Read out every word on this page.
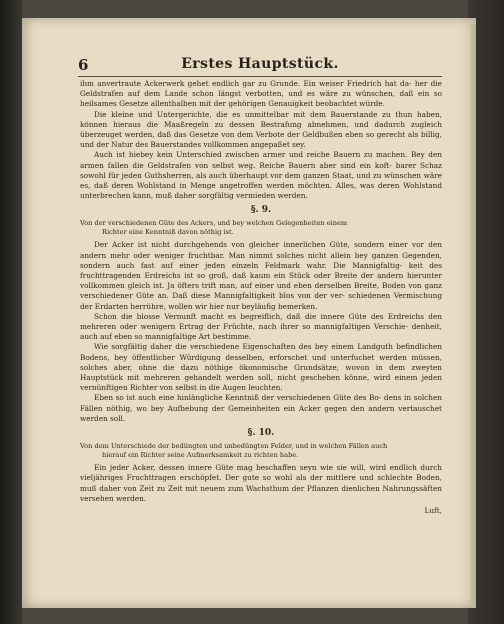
6	Erstes Hauptstück.

ihm anvertraute Ackerwerk gehet endlich gar zu Grunde. Ein weiser Friedrich hat da- her die Geldstrafen auf dem Lande schon längst verbotten, und es wäre zu wünschen, daß ein so heilsames Gesetze allenthalben mit der gehörigen Genauigkeit beobachtet würde.

Die kleine und Untergerichte, die es unmittelbar mit dem Bauerstande zu thun haben, können hieraus die Maaßregeln zu dessen Bestrafung abnehmen, und dadurch zugleich überzeuget werden, daß das Gesetze von dem Verbote der Geldbußen eben so gerecht als billig, und der Natur des Bauerstandes vollkommen angepaßet sey.

Auch ist hiebey kein Unterschied zwischen armer und reiche Bauern zu machen. Bey den armen fallen die Geldstrafen von selbst weg. Reiche Bauern aber sind ein koft- barer Schaz sowohl für jeden Guthsherren, als auch überhaupt vor dem ganzen Staat, und zu wünschen wäre es, daß deren Wohlstand in Menge angetroffen werden möchten. Alles, was deren Wohlstand unterbrechen kann, muß daher sorgfältig vermieden werden.

§. 9.
Von der verschiedenen Güte des Ackers, und bey welchen Gelegenheiten einem
Richter eine Kenntniß davon nöthig ist.

Der Acker ist nicht durchgehends von gleicher innerlichen Güte, sondern einer vor den andern mehr oder weniger fruchtbar. Man nimmt solches nicht allein bey ganzen Gegenden, sondern auch fast auf einer jeden einzeln Feldmark wahr. Die Mannigfaltig- keit des fruchttragenden Erdreichs ist so groß, daß kaum ein Stück oder Breite der andern hierunter vollkommen gleich ist. Ja öfters trift man, auf einer und eben derselben Breite, Boden von ganz verschiedener Güte an. Daß diese Mannigfaltigkeit blos von der ver- schiedenen Vermischung der Erdarten herrühre, wollen wir hier nur beyläufig bemerken.

Schon die blosse Vernunft macht es begreiflich, daß die innere Güte des Erdreichs den mehreren oder wenigern Ertrag der Früchte, nach ihrer so mannigfaltigen Verschie- denheit, auch auf eben so mannigfaltige Art bestimme.

Wie sorgfältig daher die verschiedene Eigenschaften des bey einem Landguth befindlichen Bodens, bey öffentlicher Würdigung desselben, erforschet und unterfuchet werden müssen, solches aber, ohne die dazu nöthige ökonomische Grundsätze, wovon in dem zweyten Hauptstück mit mehreren gehandelt werden soll, nicht geschehen könne, wird einem jeden vernünftigen Richter von selbst in die Augen leuchten.

Eben so ist auch eine hinlängliche Kenntniß der verschiedenen Güte des Bo- dens in solchen Fällen nöthig, wo bey Aufhebung der Gemeinheiten ein Acker gegen den andern vertauschet werden soll.

§. 10.
Von dem Unterschiede der bedüngten und unbedüngten Felder, und in welchen Fällen auch
hierauf ein Richter seine Aufmerksamkeit zu richten habe.

Ein jeder Acker, dessen innere Güte mag beschaffen seyn wie sie will, wird endlich durch vieljähriges Fruchttragen erschöpfet. Der gute so wohl als der mittlere und schlechte Boden, muß daher von Zeit zu Zeit mit neuem zum Wachsthum der Pflanzen dienlichen Nahrungssäften versehen werden.

Luft,
